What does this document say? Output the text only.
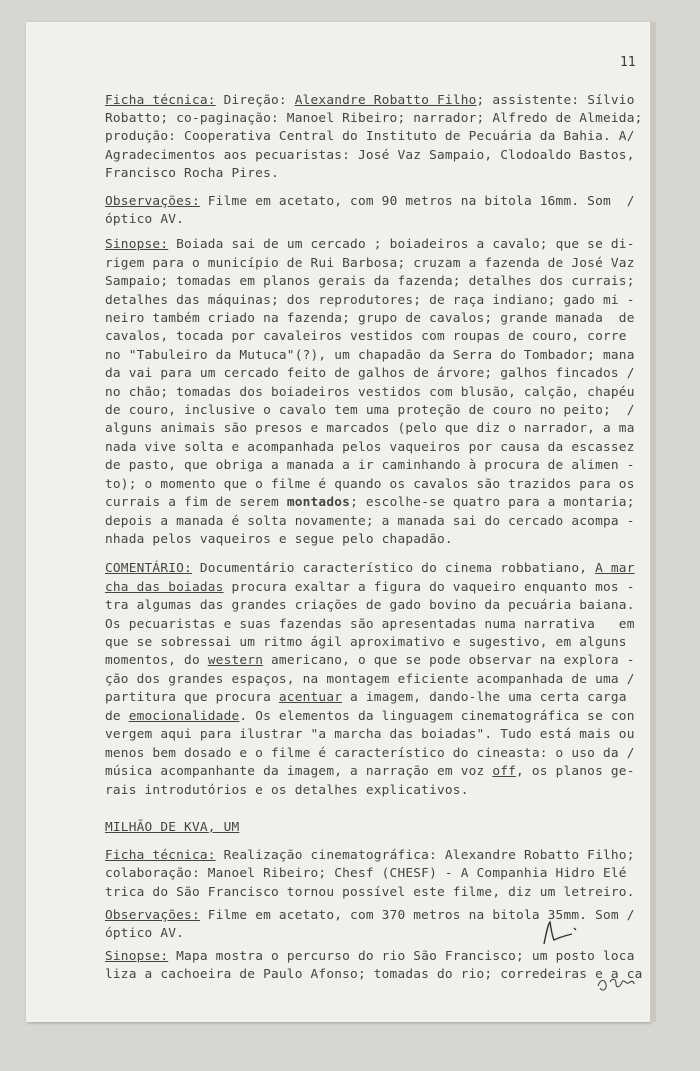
11

Ficha técnica: Direção: Alexandre Robatto Filho; assistente: Sílvio

Robatto; co-paginação: Manoel Ribeiro; narrador; Alfredo de Almeida;

produção: Cooperativa Central do Instituto de Pecuária da Bahia. A/

Agradecimentos aos pecuaristas: José Vaz Sampaio, Clodoaldo Bastos,

Francisco Rocha Pires.

Observações: Filme em acetato, com 90 metros na bitola 16mm. Som  /

óptico AV.

Sinopse: Boiada sai de um cercado ; boiadeiros a cavalo; que se di-

rigem para o município de Rui Barbosa; cruzam a fazenda de José Vaz

Sampaio; tomadas em planos gerais da fazenda; detalhes dos currais;

detalhes das máquinas; dos reprodutores; de raça indiano; gado mi -

neiro também criado na fazenda; grupo de cavalos; grande manada  de

cavalos, tocada por cavaleiros vestidos com roupas de couro, corre

no "Tabuleiro da Mutuca"(?), um chapadão da Serra do Tombador; mana

da vai para um cercado feito de galhos de árvore; galhos fincados /

no chão; tomadas dos boiadeiros vestidos com blusão, calção, chapéu

de couro, inclusive o cavalo tem uma proteção de couro no peito;  /

alguns animais são presos e marcados (pelo que diz o narrador, a ma

nada vive solta e acompanhada pelos vaqueiros por causa da escassez

de pasto, que obriga a manada a ir caminhando à procura de alimen -

to); o momento que o filme é quando os cavalos são trazidos para os

currais a fim de serem montados; escolhe-se quatro para a montaria;

depois a manada é solta novamente; a manada sai do cercado acompa -

nhada pelos vaqueiros e segue pelo chapadão.

COMENTÁRIO: Documentário característico do cinema robbatiano, A mar

cha das boiadas procura exaltar a figura do vaqueiro enquanto mos -

tra algumas das grandes criações de gado bovino da pecuária baiana.

Os pecuaristas e suas fazendas são apresentadas numa narrativa   em

que se sobressai um ritmo ágil aproximativo e sugestivo, em alguns

momentos, do western americano, o que se pode observar na explora -

ção dos grandes espaços, na montagem eficiente acompanhada de uma /

partitura que procura acentuar a imagem, dando-lhe uma certa carga

de emocionalidade. Os elementos da linguagem cinematográfica se con

vergem aqui para ilustrar "a marcha das boiadas". Tudo está mais ou

menos bem dosado e o filme é característico do cineasta: o uso da /

música acompanhante da imagem, a narração em voz off, os planos ge-

rais introdutórios e os detalhes explicativos.

MILHÃO DE KVA, UM

Ficha técnica: Realização cinematográfica: Alexandre Robatto Filho;

colaboração: Manoel Ribeiro; Chesf (CHESF) - A Companhia Hidro Elé

trica do São Francisco tornou possível este filme, diz um letreiro.

Observações: Filme em acetato, com 370 metros na bitola 35mm. Som /

óptico AV.

Sinopse: Mapa mostra o percurso do rio São Francisco; um posto loca

liza a cachoeira de Paulo Afonso; tomadas do rio; corredeiras e a ca
